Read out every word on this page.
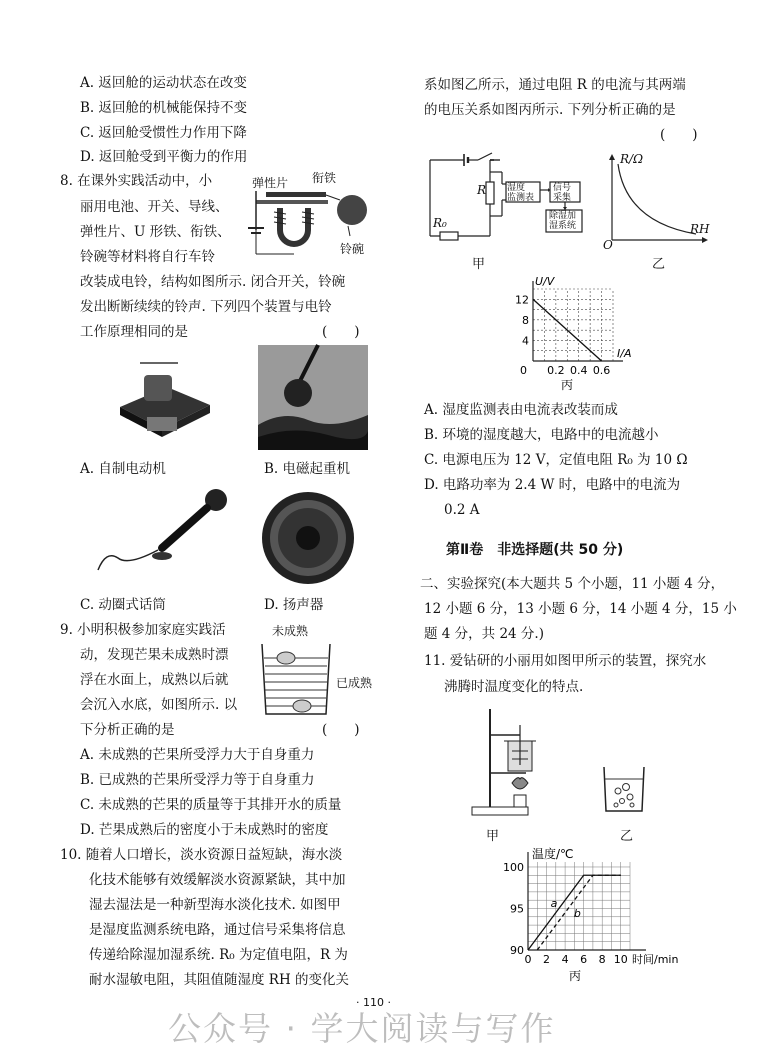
A. 返回舱的运动状态在改变
B. 返回舱的机械能保持不变
C. 返回舱受惯性力作用下降
D. 返回舱受到平衡力的作用
8. 在课外实践活动中，小
丽用电池、开关、导线、
弹性片、U 形铁、衔铁、
铃碗等材料将自行车铃
改装成电铃，结构如图所示. 闭合开关，铃碗
发出断断续续的铃声. 下列四个装置与电铃
工作原理相同的是	(　　)
弹性片 衔铁
铃碗
A. 自制电动机	B. 电磁起重机
C. 动圈式话筒	D. 扬声器
9. 小明积极参加家庭实践活
动，发现芒果未成熟时漂
浮在水面上，成熟以后就
会沉入水底，如图所示. 以
下分析正确的是	(　　)
未成熟
已成熟
A. 未成熟的芒果所受浮力大于自身重力
B. 已成熟的芒果所受浮力等于自身重力
C. 未成熟的芒果的质量等于其排开水的质量
D. 芒果成熟后的密度小于未成熟时的密度
10. 随着人口增长，淡水资源日益短缺，海水淡
化技术能够有效缓解淡水资源紧缺，其中加
湿去湿法是一种新型海水淡化技术. 如图甲
是湿度监测系统电路，通过信号采集将信息
传递给除湿加湿系统. R₀ 为定值电阻，R 为
耐水湿敏电阻，其阻值随湿度 RH 的变化关
系如图乙所示，通过电阻 R 的电流与其两端
的电压关系如图丙所示. 下列分析正确的是
(　　)
R
R₀
湿度
监测表
信号
采集
除湿加
湿系统
甲
R/Ω
RH
O
乙
0.2 0.4 0.6
4
8
12
U/V
I/A
0
丙
A. 湿度监测表由电流表改装而成
B. 环境的湿度越大，电路中的电流越小
C. 电源电压为 12 V，定值电阻 R₀ 为 10 Ω
D. 电路功率为 2.4 W 时，电路中的电流为
0.2 A
第Ⅱ卷　非选择题(共 50 分)
二、实验探究(本大题共 5 个小题，11 小题 4 分，
12 小题 6 分，13 小题 6 分，14 小题 4 分，15 小
题 4 分，共 24 分.)
11. 爱钻研的小丽用如图甲所示的装置，探究水
沸腾时温度变化的特点.
甲	乙
0 2 4 6 8 10
90
95
100
a
b
温度/℃
时间/min
丙
· 110 ·
公众号 · 学大阅读与写作
